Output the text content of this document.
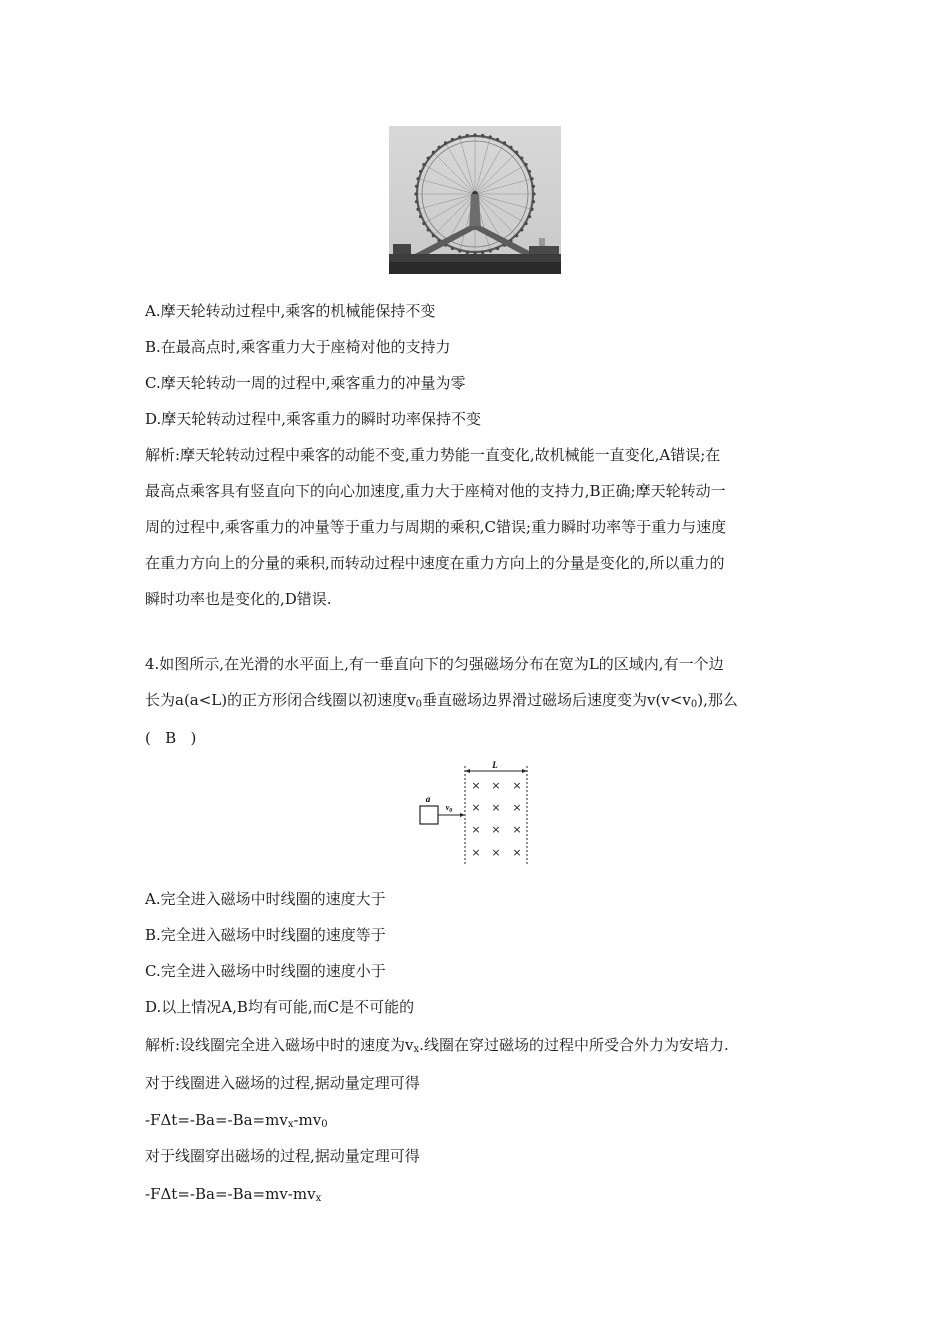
A.摩天轮转动过程中,乘客的机械能保持不变
B.在最高点时,乘客重力大于座椅对他的支持力
C.摩天轮转动一周的过程中,乘客重力的冲量为零
D.摩天轮转动过程中,乘客重力的瞬时功率保持不变

解析:摩天轮转动过程中乘客的动能不变,重力势能一直变化,故机械能一直变化,A错误;在

最高点乘客具有竖直向下的向心加速度,重力大于座椅对他的支持力,B正确;摩天轮转动一

周的过程中,乘客重力的冲量等于重力与周期的乘积,C错误;重力瞬时功率等于重力与速度

在重力方向上的分量的乘积,而转动过程中速度在重力方向上的分量是变化的,所以重力的

瞬时功率也是变化的,D错误.

4.如图所示,在光滑的水平面上,有一垂直向下的匀强磁场分布在宽为L的区域内,有一个边
长为a(a<L)的正方形闭合线圈以初速度$v_0$垂直磁场边界滑过磁场后速度变为$v(v<v_0)$,那么
(   B   )
L
a
$v_0$
× × ×
× × ×
× × ×
× × ×
A.完全进入磁场中时线圈的速度大于
B.完全进入磁场中时线圈的速度等于
C.完全进入磁场中时线圈的速度小于
D.以上情况A,B均有可能,而C是不可能的
解析:设线圈完全进入磁场中时的速度为$v_x$.线圈在穿过磁场的过程中所受合外力为安培力.
对于线圈进入磁场的过程,据动量定理可得
$-F\Delta t=-Ba=-Ba=mv_x-mv_0$
对于线圈穿出磁场的过程,据动量定理可得
$-F\Delta t=-Ba=-Ba=mv-mv_x$
